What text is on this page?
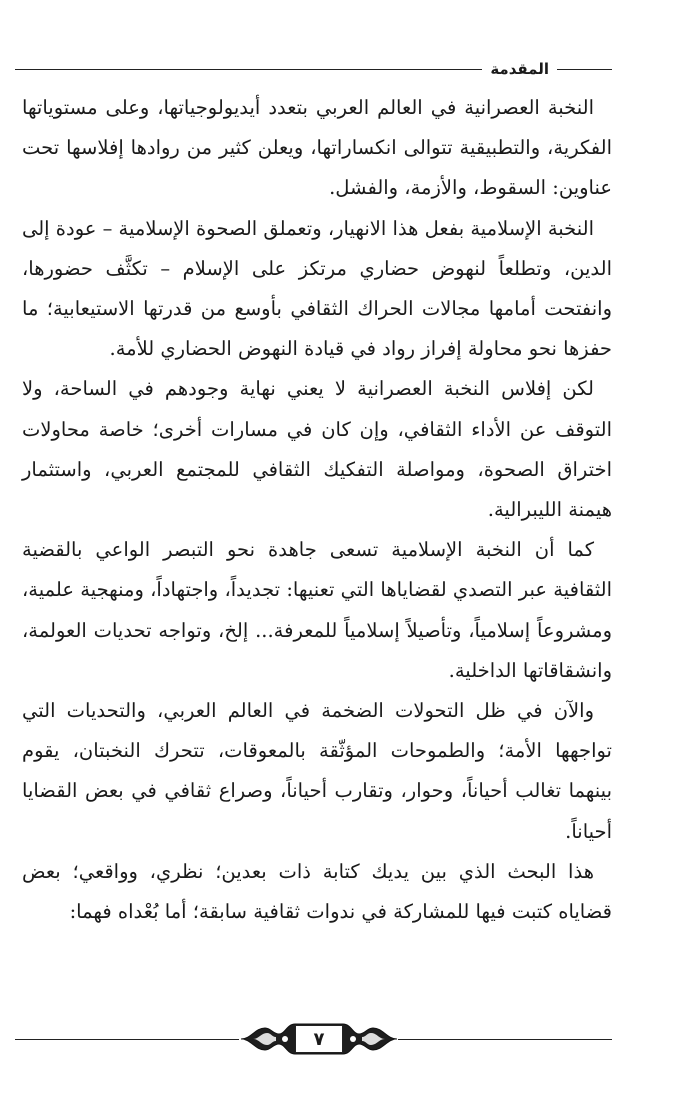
المقدمة

النخبة العصرانية في العالم العربي بتعدد أيديولوجياتها، وعلى مستوياتها الفكرية، والتطبيقية تتوالى انكساراتها، ويعلن كثير من روادها إفلاسها تحت عناوين: السقوط، والأزمة، والفشل.

النخبة الإسلامية بفعل هذا الانهيار، وتعملق الصحوة الإسلامية – عودة إلى الدين، وتطلعاً لنهوض حضاري مرتكز على الإسلام – تكثَّف حضورها، وانفتحت أمامها مجالات الحراك الثقافي بأوسع من قدرتها الاستيعابية؛ ما حفزها نحو محاولة إفراز رواد في قيادة النهوض الحضاري للأمة.

لكن إفلاس النخبة العصرانية لا يعني نهاية وجودهم في الساحة، ولا التوقف عن الأداء الثقافي، وإن كان في مسارات أخرى؛ خاصة محاولات اختراق الصحوة، ومواصلة التفكيك الثقافي للمجتمع العربي، واستثمار هيمنة الليبرالية.

كما أن النخبة الإسلامية تسعى جاهدة نحو التبصر الواعي بالقضية الثقافية عبر التصدي لقضاياها التي تعنيها: تجديداً، واجتهاداً، ومنهجية علمية، ومشروعاً إسلامياً، وتأصيلاً إسلامياً للمعرفة... إلخ، وتواجه تحديات العولمة، وانشقاقاتها الداخلية.

والآن في ظل التحولات الضخمة في العالم العربي، والتحديات التي تواجهها الأمة؛ والطموحات المؤثّقة بالمعوقات، تتحرك النخبتان، يقوم بينهما تغالب أحياناً، وحوار، وتقارب أحياناً، وصراع ثقافي في بعض القضايا أحياناً.

هذا البحث الذي بين يديك كتابة ذات بعدين؛ نظري، وواقعي؛ بعض قضاياه كتبت فيها للمشاركة في ندوات ثقافية سابقة؛ أما بُعْداه فهما:

٧
